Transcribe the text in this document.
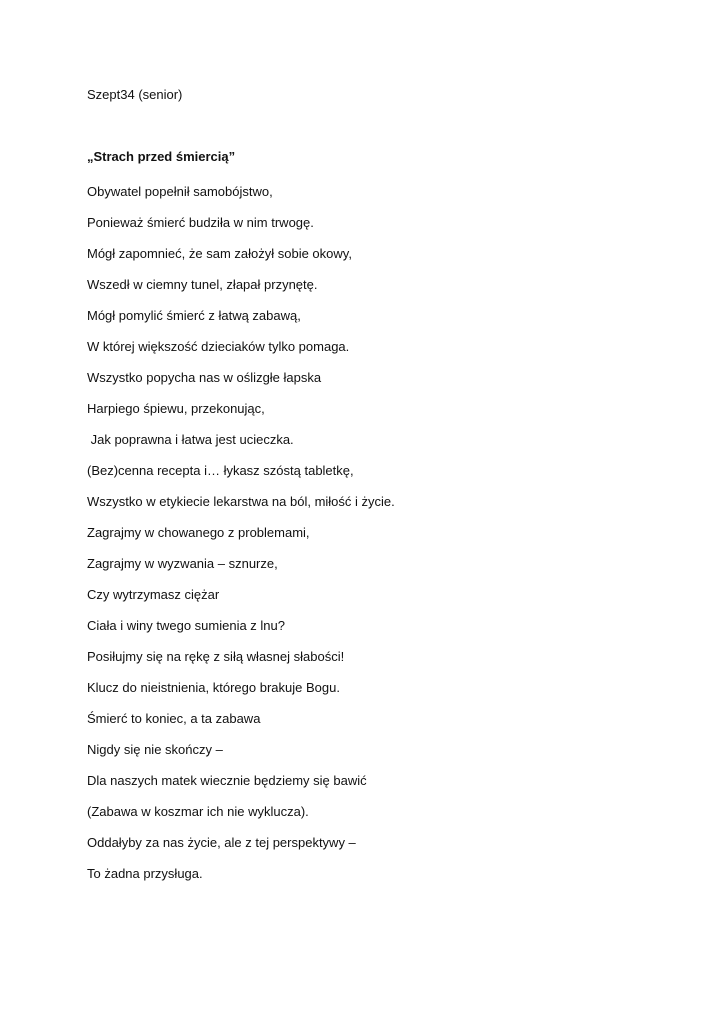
Szept34 (senior)

„Strach przed śmiercią”
Obywatel popełnił samobójstwo,
Ponieważ śmierć budziła w nim trwogę.
Mógł zapomnieć, że sam założył sobie okowy,
Wszedł w ciemny tunel, złapał przynętę.
Mógł pomylić śmierć z łatwą zabawą,
W której większość dzieciaków tylko pomaga.
Wszystko popycha nas w oślizgłe łapska
Harpiego śpiewu, przekonując,
Jak poprawna i łatwa jest ucieczka.
(Bez)cenna recepta i… łykasz szóstą tabletkę,
Wszystko w etykiecie lekarstwa na ból, miłość i życie.
Zagrajmy w chowanego z problemami,
Zagrajmy w wyzwania – sznurze,
Czy wytrzymasz ciężar
Ciała i winy twego sumienia z lnu?
Posiłujmy się na rękę z siłą własnej słabości!
Klucz do nieistnienia, którego brakuje Bogu.
Śmierć to koniec, a ta zabawa
Nigdy się nie skończy –
Dla naszych matek wiecznie będziemy się bawić
(Zabawa w koszmar ich nie wyklucza).
Oddałyby za nas życie, ale z tej perspektywy –
To żadna przysługa.
